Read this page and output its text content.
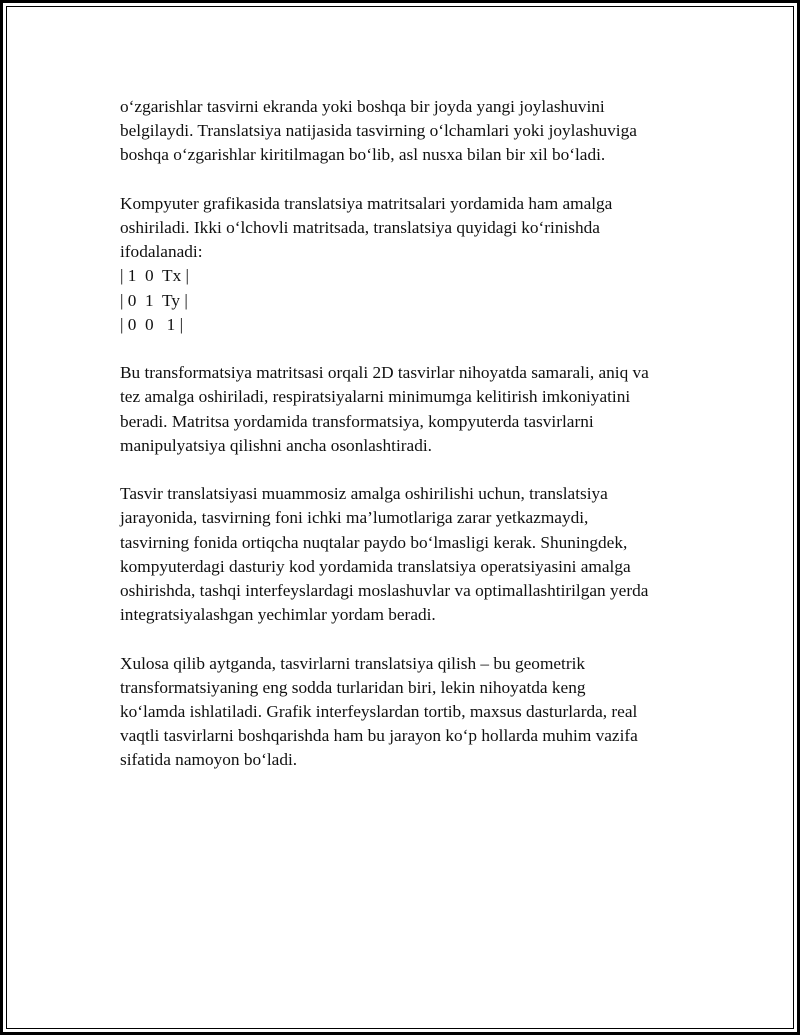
o‘zgarishlar tasvirni ekranda yoki boshqa bir joyda yangi joylashuvini
belgilaydi. Translatsiya natijasida tasvirning o‘lchamlari yoki joylashuviga
boshqa o‘zgarishlar kiritilmagan bo‘lib, asl nusxa bilan bir xil bo‘ladi.

Kompyuter grafikasida translatsiya matritsalari yordamida ham amalga
oshiriladi. Ikki o‘lchovli matritsada, translatsiya quyidagi ko‘rinishda
ifodalanadi:
| 1  0  Tx |
| 0  1  Ty |
| 0  0   1 |

Bu transformatsiya matritsasi orqali 2D tasvirlar nihoyatda samarali, aniq va
tez amalga oshiriladi, respiratsiyalarni minimumga kelitirish imkoniyatini
beradi. Matritsa yordamida transformatsiya, kompyuterda tasvirlarni
manipulyatsiya qilishni ancha osonlashtiradi.

Tasvir translatsiyasi muammosiz amalga oshirilishi uchun, translatsiya
jarayonida, tasvirning foni ichki ma’lumotlariga zarar yetkazmaydi,
tasvirning fonida ortiqcha nuqtalar paydo bo‘lmasligi kerak. Shuningdek,
kompyuterdagi dasturiy kod yordamida translatsiya operatsiyasini amalga
oshirishda, tashqi interfeyslardagi moslashuvlar va optimallashtirilgan yerda
integratsiyalashgan yechimlar yordam beradi.

Xulosa qilib aytganda, tasvirlarni translatsiya qilish – bu geometrik
transformatsiyaning eng sodda turlaridan biri, lekin nihoyatda keng
ko‘lamda ishlatiladi. Grafik interfeyslardan tortib, maxsus dasturlarda, real
vaqtli tasvirlarni boshqarishda ham bu jarayon ko‘p hollarda muhim vazifa
sifatida namoyon bo‘ladi.
